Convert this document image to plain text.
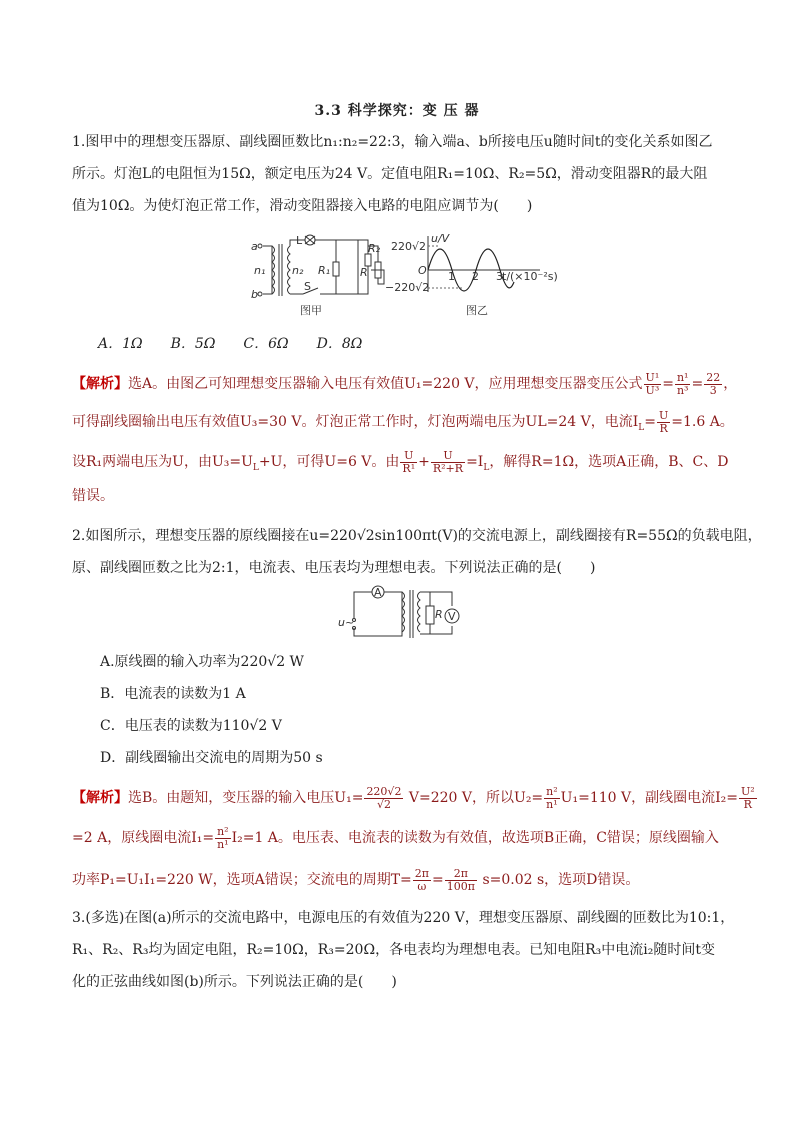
3.3 科学探究：变 压 器
1.图甲中的理想变压器原、副线圈匝数比n₁:n₂=22:3，输入端a、b所接电压u随时间t的变化关系如图乙
所示。灯泡L的电阻恒为15Ω，额定电压为24 V。定值电阻R₁=10Ω、R₂=5Ω，滑动变阻器R的最大阻
值为10Ω。为使灯泡正常工作，滑动变阻器接入电路的电阻应调节为(　　)
a
b
n₁ n₂
L
R₁
R₂
R
S
图甲
220√2
−220√2
O
u/V
1 2 3 t/(×10⁻²s)
图乙
A．1Ω　　B．5Ω　　C．6Ω　　D．8Ω
【解析】选A。由图乙可知理想变压器输入电压有效值U₁=220 V，应用理想变压器变压公式 $\frac{\text{U¹}}{\text{U³}} = \frac{\text{n¹}}{\text{n³}} = \frac{22}{3}$ ，
可得副线圈输出电压有效值U₃=30 V。灯泡正常工作时，灯泡两端电压为UL=24 V，电流$I_L= \frac{U}{R} =1.6$ A。
设R₁两端电压为U，由$U_3=U_L+U$，可得U=6 V。由 $\frac{U}{\text{R¹}} + \frac{U}{\text{R²+R}} =I_L$，解得R=1Ω，选项A正确，B、C、D
错误。
2.如图所示，理想变压器的原线圈接在u=220√2sin100πt(V)的交流电源上，副线圈接有R=55Ω的负载电阻，
原、副线圈匝数之比为2:1，电流表、电压表均为理想电表。下列说法正确的是(　　)
u~
A
V
R
A.原线圈的输入功率为220√2 W
B．电流表的读数为1 A
C．电压表的读数为110√2 V
D．副线圈输出交流电的周期为50 s
【解析】选B。由题知，变压器的输入电压$U_1= \frac{220√2}{√2} V=220$ V，所以$U_2= \frac{\text{n²}}{\text{n¹}} U_1=110$ V，副线圈电流$I_2= \frac{\text{U²}}{R}$
=2 A，原线圈电流$I_1= \frac{\text{n²}}{\text{n¹}} I_2=1$ A。电压表、电流表的读数为有效值，故选项B正确，C错误；原线圈输入
功率P₁=U₁I₁=220 W，选项A错误；交流电的周期$T= \frac{2\pi}{\omega} = \frac{2\pi}{100\pi} s=0.02$ s，选项D错误。
3.(多选)在图(a)所示的交流电路中，电源电压的有效值为220 V，理想变压器原、副线圈的匝数比为10:1，
R₁、R₂、R₃均为固定电阻，R₂=10Ω，R₃=20Ω，各电表均为理想电表。已知电阻R₃中电流i₂随时间t变
化的正弦曲线如图(b)所示。下列说法正确的是(　　)
